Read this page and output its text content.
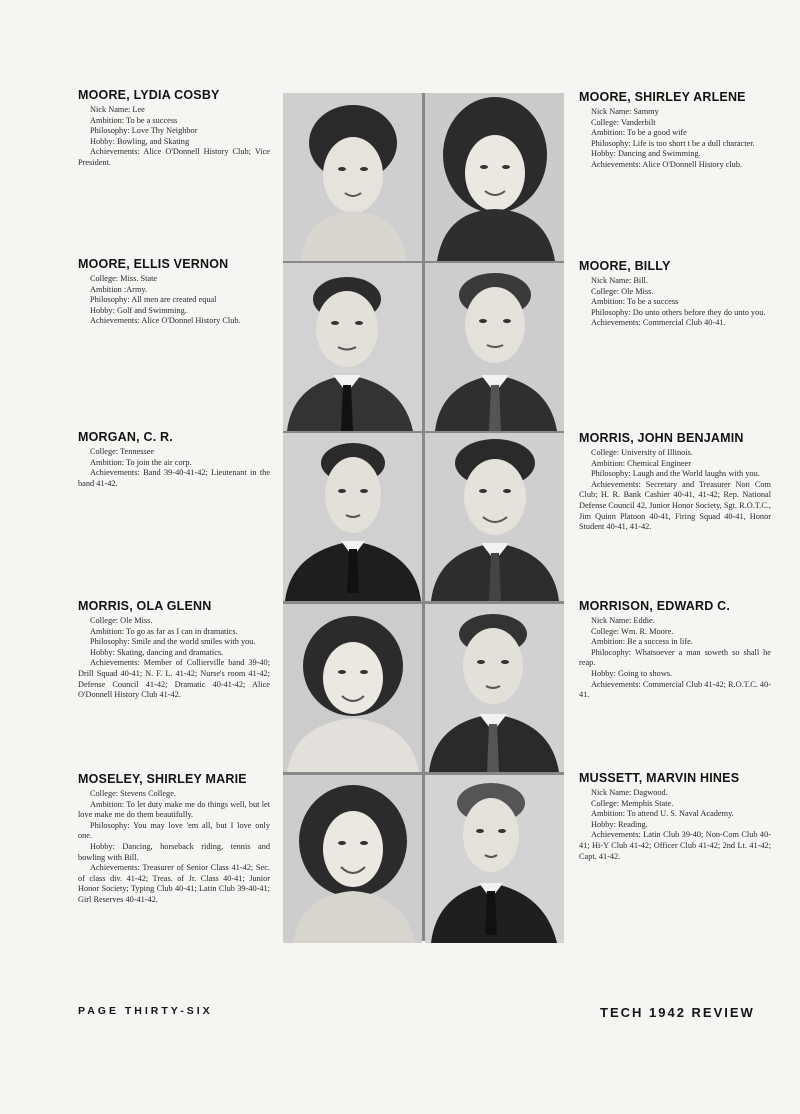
MOORE, LYDIA COSBY
Nick Name: Lee
Ambition: To be a success
Philosophy: Love Thy Neighbor
Hobby: Bowling, and Skating
Achievements: Alice O'Donnell History Club; Vice President.
MOORE, SHIRLEY ARLENE
Nick Name: Sammy
College: Vanderbilt
Ambition: To be a good wife
Philosophy: Life is too short t be a dull character.
Hobby: Dancing and Swimming.
Achievements: Alice O'Donnell History club.
MOORE, ELLIS VERNON
College: Miss. State
Ambition :Army.
Philosophy: All men are created equal
Hobby: Golf and Swimming.
Achievements: Alice O'Donnel History Club.
MOORE, BILLY
Nick Name: Bill.
College: Ole Miss.
Ambition: To be a success
Philosophy: Do unto others before they do unto you.
Achievements: Commercial Club 40-41.
MORGAN, C. R.
College: Tennessee
Ambition: To join the air corp.
Achievements: Band 39-40-41-42; Lieutenant in the band 41-42.
MORRIS, JOHN BENJAMIN
College: University of Illinois.
Ambition: Chemical Engineer
Philosophy: Laugh and the World laughs with you.
Achievements: Secretary and Treasurer Non Com Club; H. R. Bank Cashier 40-41, 41-42; Rep. National Defense Council 42, Junior Honor Society, Sgt. R.O.T.C., Jim Quinn Platoon 40-41, Firing Squad 40-41, Honor Student 40-41, 41-42.
MORRIS, OLA GLENN
College: Ole Miss.
Ambition: To go as far as I can in dramatics.
Philosophy: Smile and the world smiles with you.
Hobby: Skating, dancing and dramatics.
Achievements: Member of Collierville band 39-40; Drill Squad 40-41; N. F. L. 41-42; Nurse's room 41-42; Defense Council 41-42; Dramatic 40-41-42; Alice O'Donnell History Club 41-42.
MORRISON, EDWARD C.
Nick Name: Eddie.
College: Wm. R. Moore.
Ambition: Be a success in life.
Philocophy: Whatsoever a man soweth so shall he reap.
Hobby: Going to shows.
Achievements: Commercial Club 41-42; R.O.T.C. 40-41.
MOSELEY, SHIRLEY MARIE
College: Stevens College.
Ambition: To let duty make me do things well, but let love make me do them beautifully.
Philosophy: You may love 'em all, but I love only one.
Hobby: Dancing, horseback riding, tennis and bowling with Bill.
Achievements: Treasurer of Senior Class 41-42; Sec. of class div. 41-42; Treas. of Jr. Class 40-41; Junior Honor Society; Typing Club 40-41; Latin Club 39-40-41; Girl Reserves 40-41-42.
MUSSETT, MARVIN HINES
Nick Name: Dagwood.
College: Memphis State.
Ambition: To attend U. S. Naval Academy.
Hobby: Reading.
Achievements: Latin Club 39-40; Non-Com Club 40-41; Hi-Y Club 41-42; Officer Club 41-42; 2nd Lt. 41-42; Capt. 41-42.
PAGE THIRTY-SIX	TECH 1942 REVIEW
